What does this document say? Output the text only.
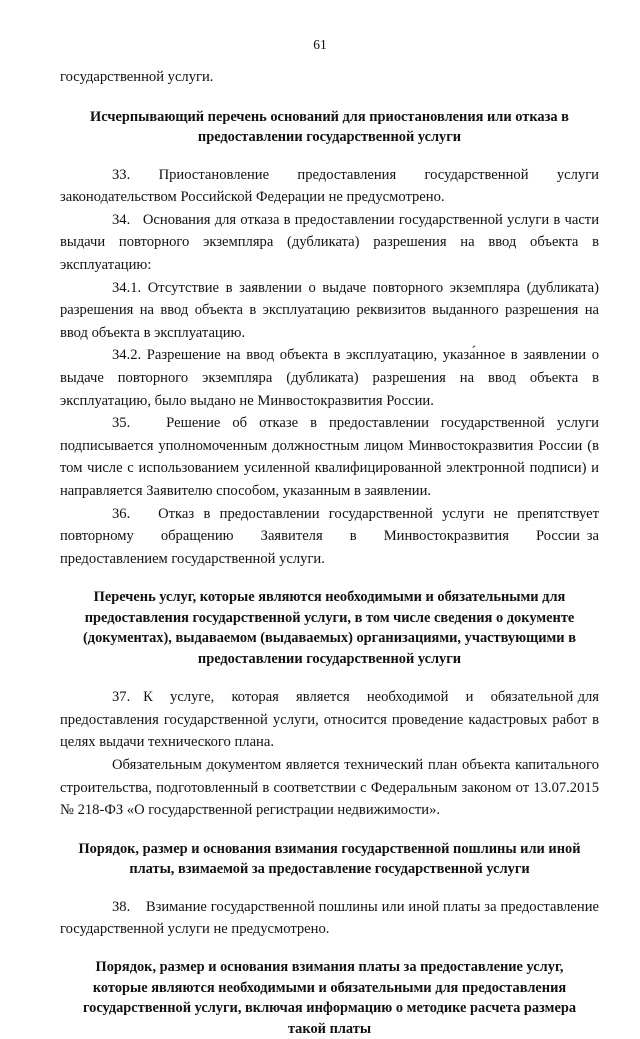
61

государственной услуги.

Исчерпывающий перечень оснований для приостановления или отказа в
предоставлении государственной услуги

33.    Приостановление    предоставления    государственной    услуги законодательством Российской Федерации не предусмотрено.

34.   Основания для отказа в предоставлении государственной услуги в части выдачи повторного экземпляра (дубликата) разрешения на ввод объекта в эксплуатацию:

34.1. Отсутствие в заявлении о выдаче повторного экземпляра (дубликата) разрешения на ввод объекта в эксплуатацию реквизитов выданного разрешения на ввод объекта в эксплуатацию.

34.2. Разрешение на ввод объекта в эксплуатацию, указа́нное в заявлении о выдаче повторного экземпляра (дубликата) разрешения на ввод объекта в эксплуатацию, было выдано не Минвостокразвития России.

35.   Решение об отказе в предоставлении государственной услуги подписывается уполномоченным должностным лицом Минвостокразвития России (в том числе с использованием усиленной квалифицированной электронной подписи) и направляется Заявителю способом, указанным в заявлении.

36.   Отказ в предоставлении государственной услуги не препятствует повторному    обращению    Заявителя    в    Минвостокразвития    России за предоставлением государственной услуги.

Перечень услуг, которые являются необходимыми и обязательными для
предоставления государственной услуги, в том числе сведения о документе
(документах), выдаваемом (выдаваемых) организациями, участвующими в
предоставлении государственной услуги

37.   К    услуге,    которая    является    необходимой    и    обязательной для предоставления государственной услуги, относится проведение кадастровых работ в целях выдачи технического плана.

Обязательным документом является технический план объекта капитального строительства, подготовленный в соответствии с Федеральным законом от 13.07.2015 № 218-ФЗ «О государственной регистрации недвижимости».

Порядок, размер и основания взимания государственной пошлины или иной
платы, взимаемой за предоставление государственной услуги

38.    Взимание государственной пошлины или иной платы за предоставление государственной услуги не предусмотрено.

Порядок, размер и основания взимания платы за предоставление услуг,
которые являются необходимыми и обязательными для предоставления
государственной услуги, включая информацию о методике расчета размера
такой платы
